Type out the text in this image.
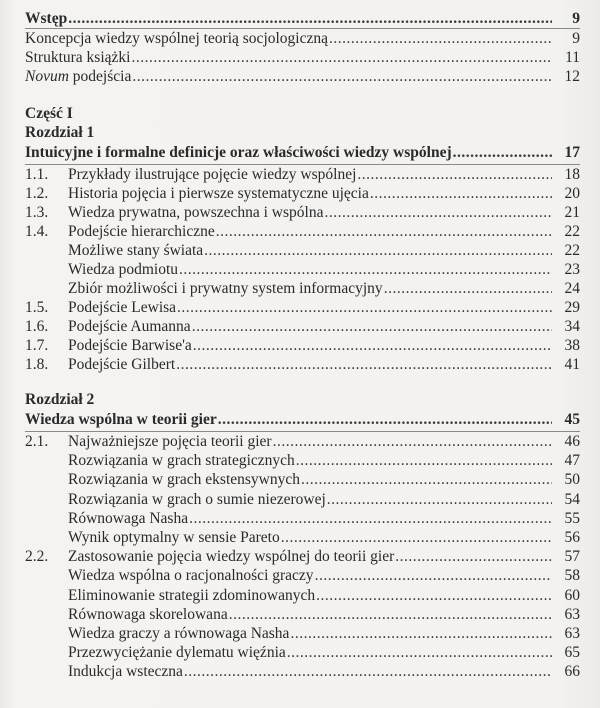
Wstęp .....	9
Koncepcja wiedzy wspólnej teorią socjologiczną .....	9
Struktura książki .....	11
Novum podejścia .....	12
Część I
Rozdział 1
Intuicyjne i formalne definicje oraz właściwości wiedzy wspólnej .....	17
1.1.	Przykłady ilustrujące pojęcie wiedzy wspólnej .....	18
1.2.	Historia pojęcia i pierwsze systematyczne ujęcia .....	20
1.3.	Wiedza prywatna, powszechna i wspólna .....	21
1.4.	Podejście hierarchiczne .....	22
Możliwe stany świata .....	22
Wiedza podmiotu .....	23
Zbiór możliwości i prywatny system informacyjny .....	24
1.5.	Podejście Lewisa .....	29
1.6.	Podejście Aumanna .....	34
1.7.	Podejście Barwise'a .....	38
1.8.	Podejście Gilbert .....	41
Rozdział 2
Wiedza wspólna w teorii gier .....	45
2.1.	Najważniejsze pojęcia teorii gier .....	46
Rozwiązania w grach strategicznych .....	47
Rozwiązania w grach ekstensywnych .....	50
Rozwiązania w grach o sumie niezerowej .....	54
Równowaga Nasha .....	55
Wynik optymalny w sensie Pareto .....	56
2.2.	Zastosowanie pojęcia wiedzy wspólnej do teorii gier .....	57
Wiedza wspólna o racjonalności graczy .....	58
Eliminowanie strategii zdominowanych .....	60
Równowaga skorelowana .....	63
Wiedza graczy a równowaga Nasha .....	63
Przezwyciężanie dylematu więźnia .....	65
Indukcja wsteczna .....	66
